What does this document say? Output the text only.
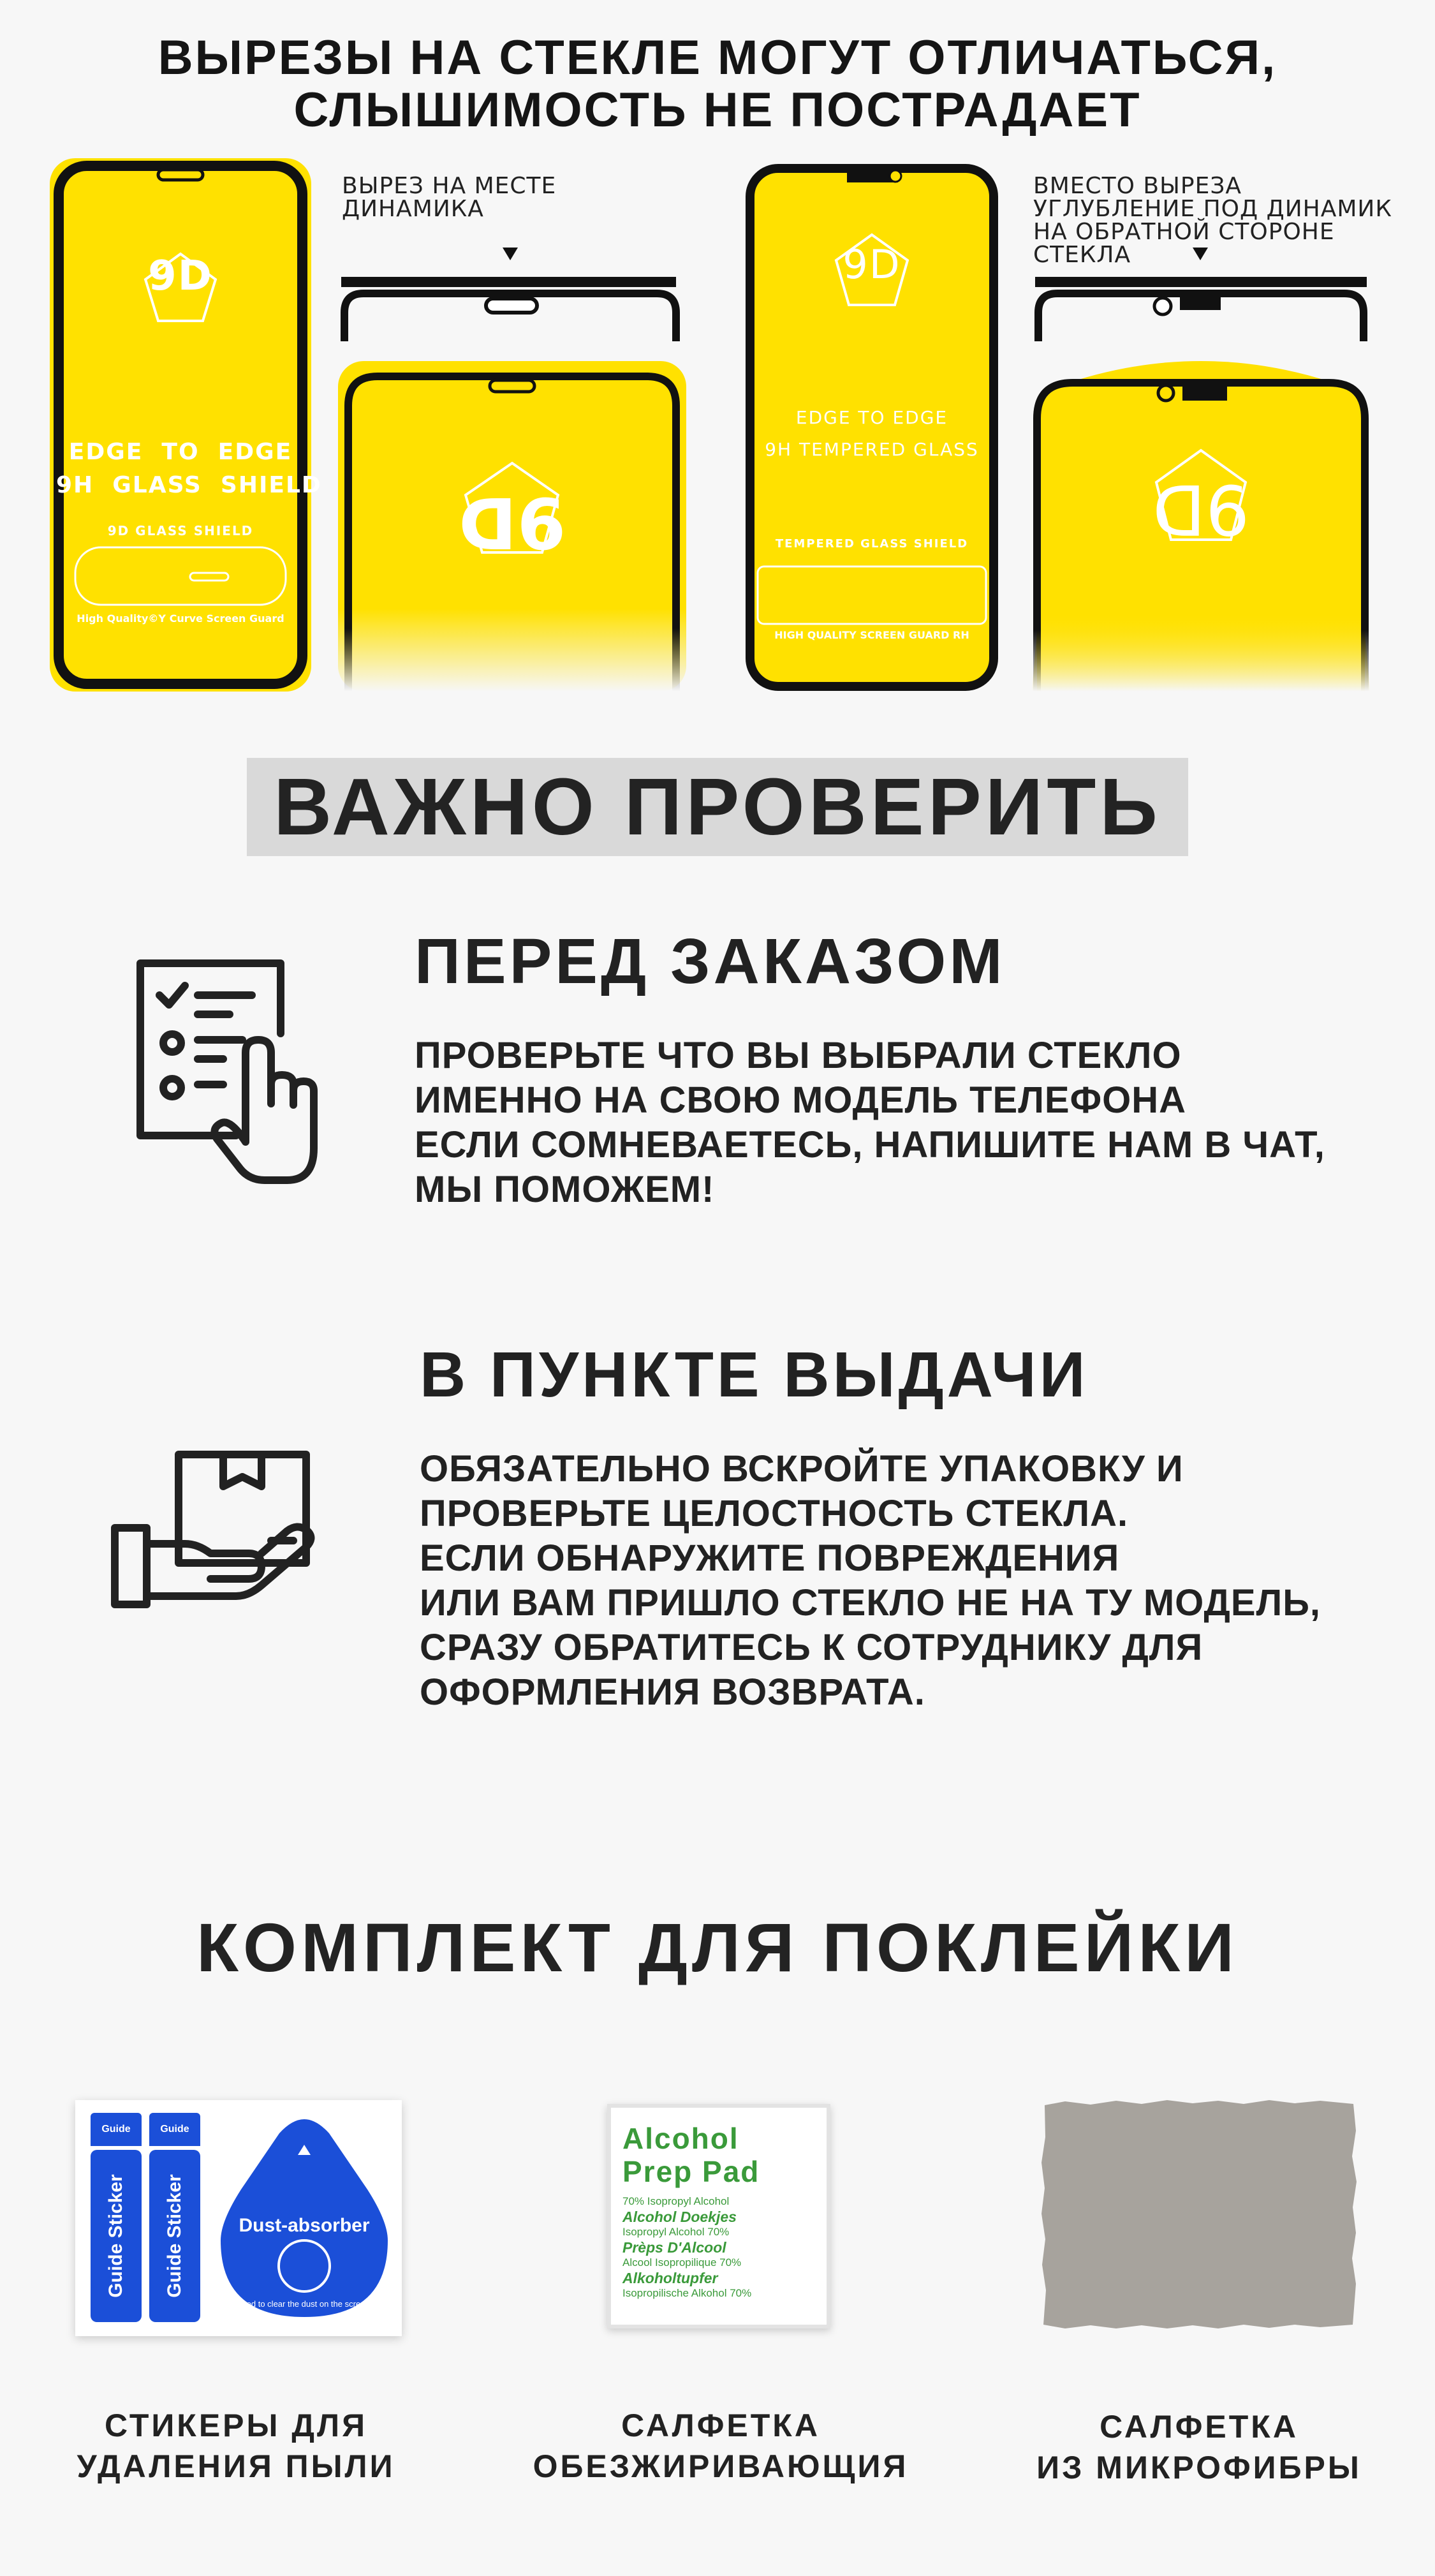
ВЫРЕЗЫ НА СТЕКЛЕ МОГУТ ОТЛИЧАТЬСЯ,
СЛЫШИМОСТЬ НЕ ПОСТРАДАЕТ
9D
EDGE  TO  EDGE
9H  GLASS  SHIELD
9D GLASS SHIELD
High Quality©Y Curve Screen Guard
ВЫРЕЗ НА МЕСТЕ
ДИНАМИКА
9D
9D
EDGE TO EDGE
9H TEMPERED GLASS
TEMPERED GLASS SHIELD
HIGH QUALITY SCREEN GUARD RH
ВМЕСТО ВЫРЕЗА
УГЛУБЛЕНИЕ ПОД ДИНАМИК
НА ОБРАТНОЙ СТОРОНЕ
СТЕКЛА
9D
ВАЖНО ПРОВЕРИТЬ
ПЕРЕД ЗАКАЗОМ
ПРОВЕРЬТЕ ЧТО ВЫ ВЫБРАЛИ СТЕКЛО
ИМЕННО НА СВОЮ МОДЕЛЬ ТЕЛЕФОНА
ЕСЛИ СОМНЕВАЕТЕСЬ, НАПИШИТЕ НАМ В ЧАТ,
МЫ ПОМОЖЕМ!
В ПУНКТЕ ВЫДАЧИ
ОБЯЗАТЕЛЬНО ВСКРОЙТЕ УПАКОВКУ И
ПРОВЕРЬТЕ ЦЕЛОСТНОСТЬ СТЕКЛА.
ЕСЛИ ОБНАРУЖИТЕ ПОВРЕЖДЕНИЯ
ИЛИ ВАМ ПРИШЛО СТЕКЛО НЕ НА ТУ МОДЕЛЬ,
СРАЗУ ОБРАТИТЕСЬ К СОТРУДНИКУ ДЛЯ
ОФОРМЛЕНИЯ ВОЗВРАТА.
КОМПЛЕКТ ДЛЯ ПОКЛЕЙКИ
Guide
Guide Sticker
Guide
Guide Sticker	Dust-absorber
Used to clear the dust on the screen.
СТИКЕРЫ ДЛЯ
УДАЛЕНИЯ ПЫЛИ
Alcohol
Prep Pad
70% Isopropyl Alcohol
Alcohol Doekjes
Isopropyl Alcohol 70%
Prèps D'Alcool
Alcool Isopropilique 70%
Alkoholtupfer
Isopropilische Alkohol 70%
САЛФЕТКА
ОБЕЗЖИРИВАЮЩИЯ
САЛФЕТКА
ИЗ МИКРОФИБРЫ
